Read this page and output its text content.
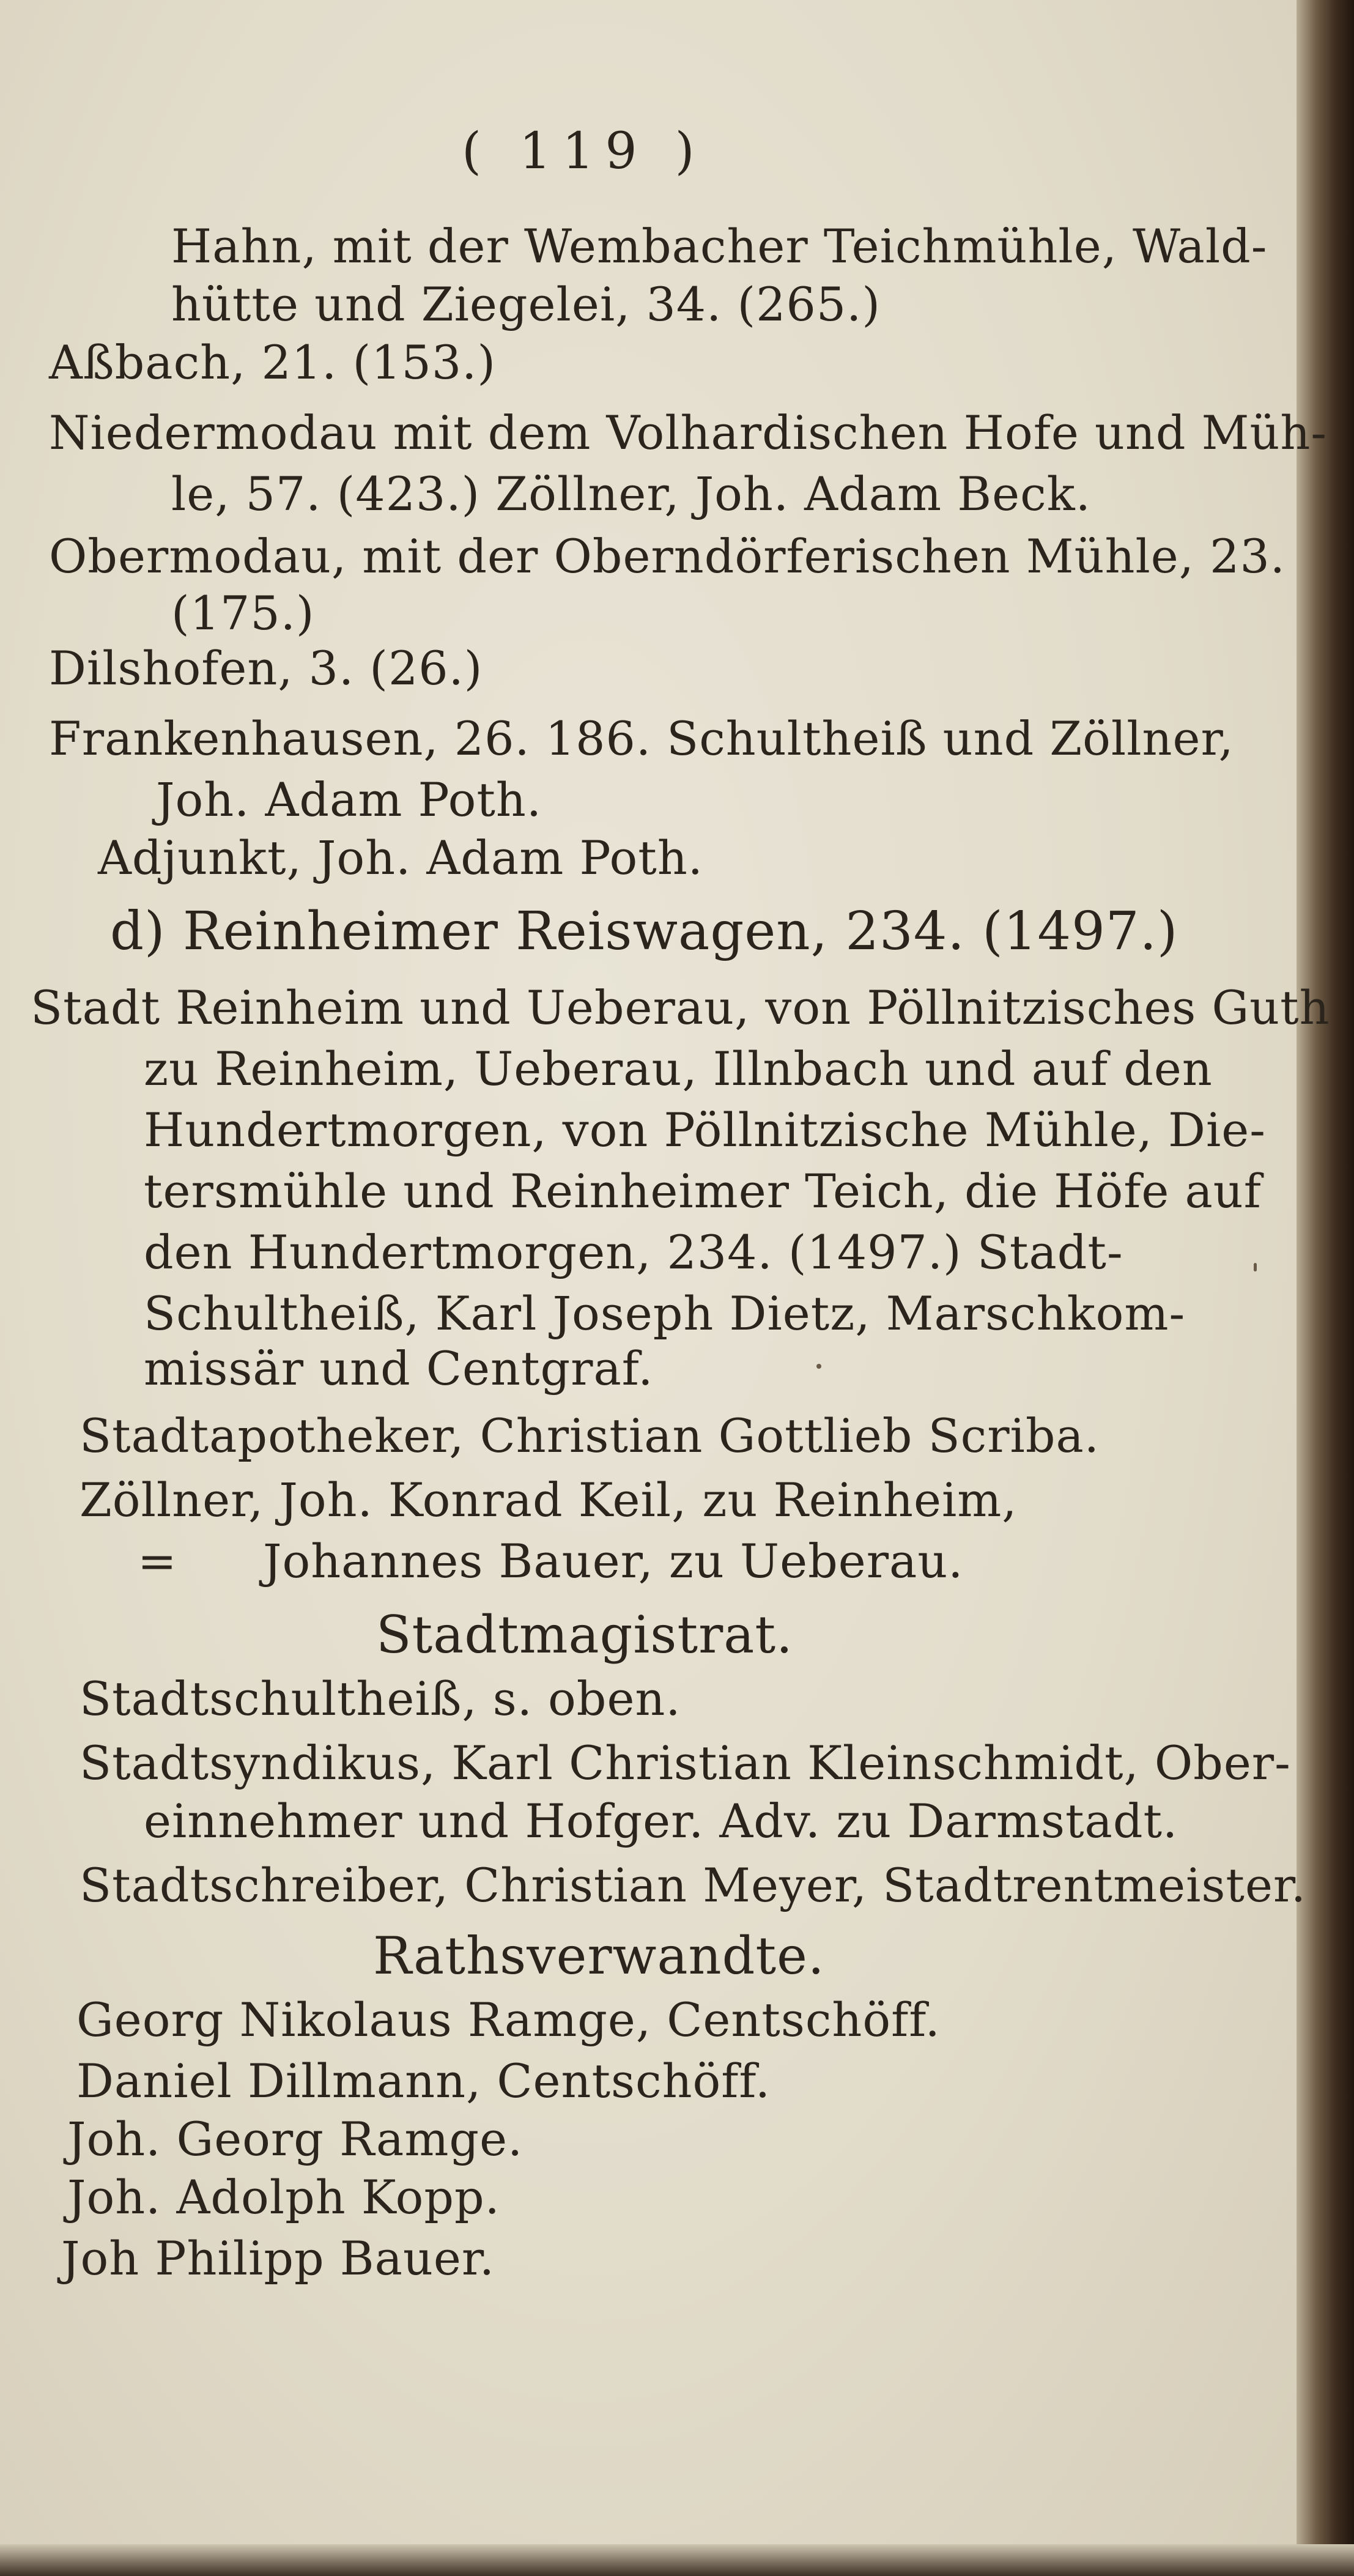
( 119 )
Hahn, mit der Wembacher Teichmühle, Wald-
hütte und Ziegelei, 34. (265.)
Aßbach, 21. (153.)
Niedermodau mit dem Volhardischen Hofe und Müh-
le, 57. (423.) Zöllner, Joh. Adam Beck.
Obermodau, mit der Oberndörferischen Mühle, 23.
(175.)
Dilshofen, 3. (26.)
Frankenhausen, 26. 186. Schultheiß und Zöllner,
Joh. Adam Poth.
Adjunkt, Joh. Adam Poth.
d) Reinheimer Reiswagen, 234. (1497.)
Stadt Reinheim und Ueberau, von Pöllnitzisches Guth
zu Reinheim, Ueberau, Illnbach und auf den
Hundertmorgen, von Pöllnitzische Mühle, Die-
tersmühle und Reinheimer Teich, die Höfe auf
den Hundertmorgen, 234. (1497.) Stadt-
Schultheiß, Karl Joseph Dietz, Marschkom-
missär und Centgraf.
Stadtapotheker, Christian Gottlieb Scriba.
Zöllner, Joh. Konrad Keil, zu Reinheim,
= Johannes Bauer, zu Ueberau.
Stadtmagistrat.
Stadtschultheiß, s. oben.
Stadtsyndikus, Karl Christian Kleinschmidt, Ober-
einnehmer und Hofger. Adv. zu Darmstadt.
Stadtschreiber, Christian Meyer, Stadtrentmeister.
Rathsverwandte.
Georg Nikolaus Ramge, Centschöff.
Daniel Dillmann, Centschöff.
Joh. Georg Ramge.
Joh. Adolph Kopp.
Joh Philipp Bauer.
